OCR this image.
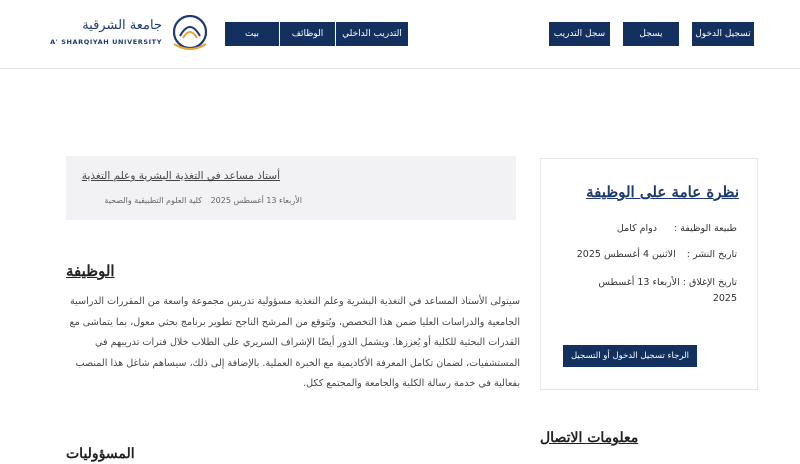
جامعة الشرقية
A' SHARQIYAH UNIVERSITY
التدريب الداخلي
الوظائف
بيت	سجل التدريب	يسجل	تسجيل الدخول
أستاذ مساعد في التغذية البشرية وعلم التغذية
الأربعاء 13 أغسطس 2025
كلية العلوم التطبيقية والصحية
الوظيفة
سيتولى الأستاذ المساعد في التغذية البشرية وعلم التغذية مسؤولية تدريس مجموعة واسعة من المقررات الدراسية الجامعية والدراسات العليا ضمن هذا التخصص، ويُتوقع من المرشح الناجح تطوير برنامج بحثي معول، بما يتماشى مع القدرات البحثية للكلية أو يُعززها. ويشمل الدور أيضًا الإشراف السريري على الطلاب خلال فترات تدريبهم في المستشفيات، لضمان تكامل المعرفة الأكاديمية مع الخبرة العملية. بالإضافة إلى ذلك، سيساهم شاغل هذا المنصب بفعالية في خدمة رسالة الكلية والجامعة والمجتمع ككل.
المسؤوليات
نظرة عامة على الوظيفة
طبيعة الوظيفة : دوام كامل
تاريخ النشر : الاثنين 4 أغسطس 2025
تاريخ الإغلاق : الأربعاء 13 أغسطس 2025
الرجاء تسجيل الدخول أو التسجيل
معلومات الاتصال
